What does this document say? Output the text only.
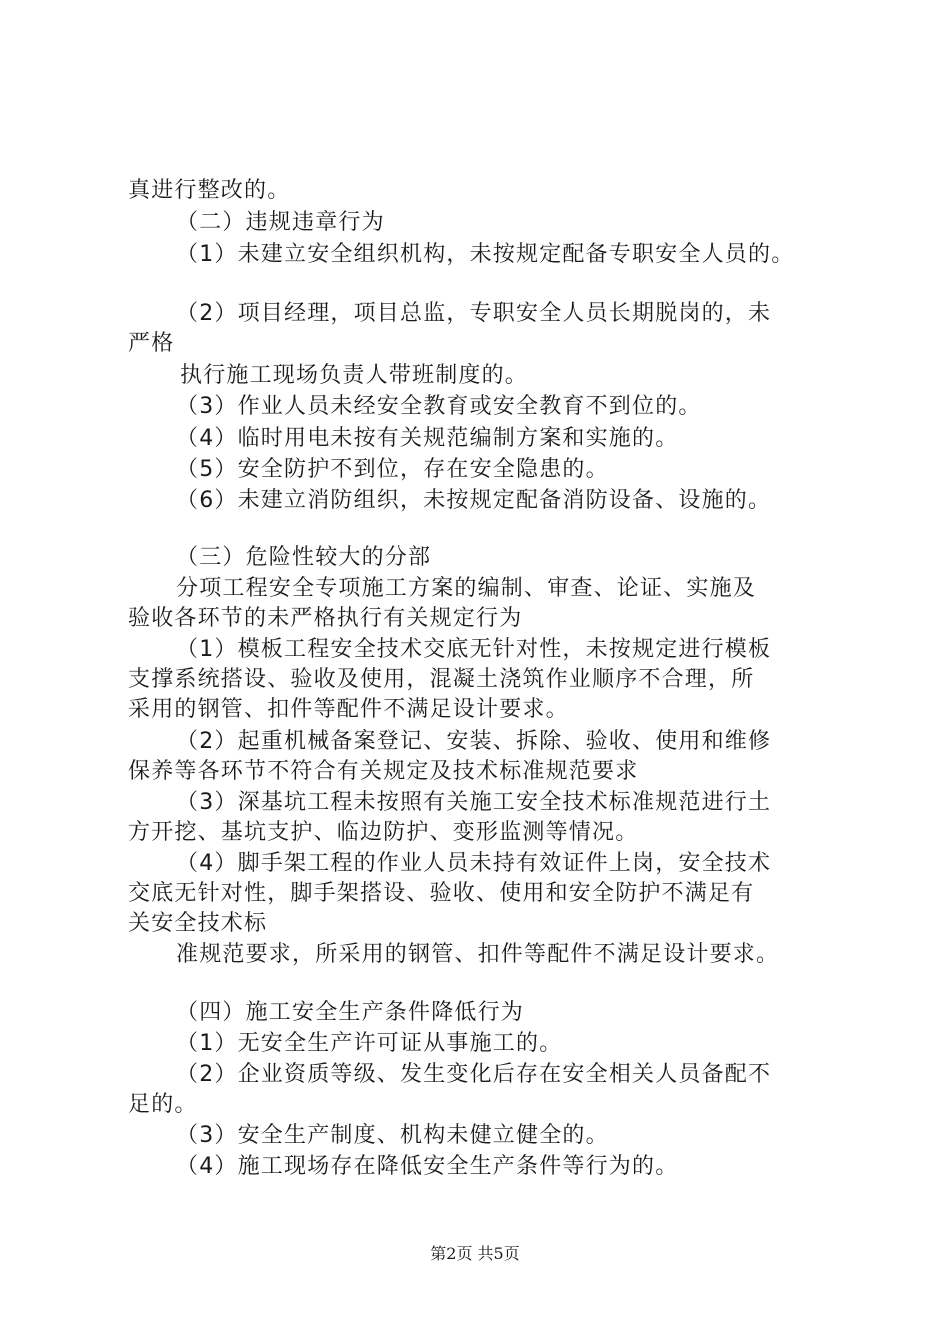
真进行整改的。
（二）违规违章行为
（1）未建立安全组织机构，未按规定配备专职安全人员的。
（2）项目经理，项目总监，专职安全人员长期脱岗的，未
严格
执行施工现场负责人带班制度的。
（3）作业人员未经安全教育或安全教育不到位的。
（4）临时用电未按有关规范编制方案和实施的。
（5）安全防护不到位，存在安全隐患的。
（6）未建立消防组织，未按规定配备消防设备、设施的。
（三）危险性较大的分部
分项工程安全专项施工方案的编制、审查、论证、实施及
验收各环节的未严格执行有关规定行为
（1）模板工程安全技术交底无针对性，未按规定进行模板
支撑系统搭设、验收及使用，混凝土浇筑作业顺序不合理，所
采用的钢管、扣件等配件不满足设计要求。
（2）起重机械备案登记、安装、拆除、验收、使用和维修
保养等各环节不符合有关规定及技术标准规范要求
（3）深基坑工程未按照有关施工安全技术标准规范进行土
方开挖、基坑支护、临边防护、变形监测等情况。
（4）脚手架工程的作业人员未持有效证件上岗，安全技术
交底无针对性，脚手架搭设、验收、使用和安全防护不满足有
关安全技术标
准规范要求，所采用的钢管、扣件等配件不满足设计要求。
（四）施工安全生产条件降低行为
（1）无安全生产许可证从事施工的。
（2）企业资质等级、发生变化后存在安全相关人员备配不
足的。
（3）安全生产制度、机构未健立健全的。
（4）施工现场存在降低安全生产条件等行为的。
第2页 共5页
